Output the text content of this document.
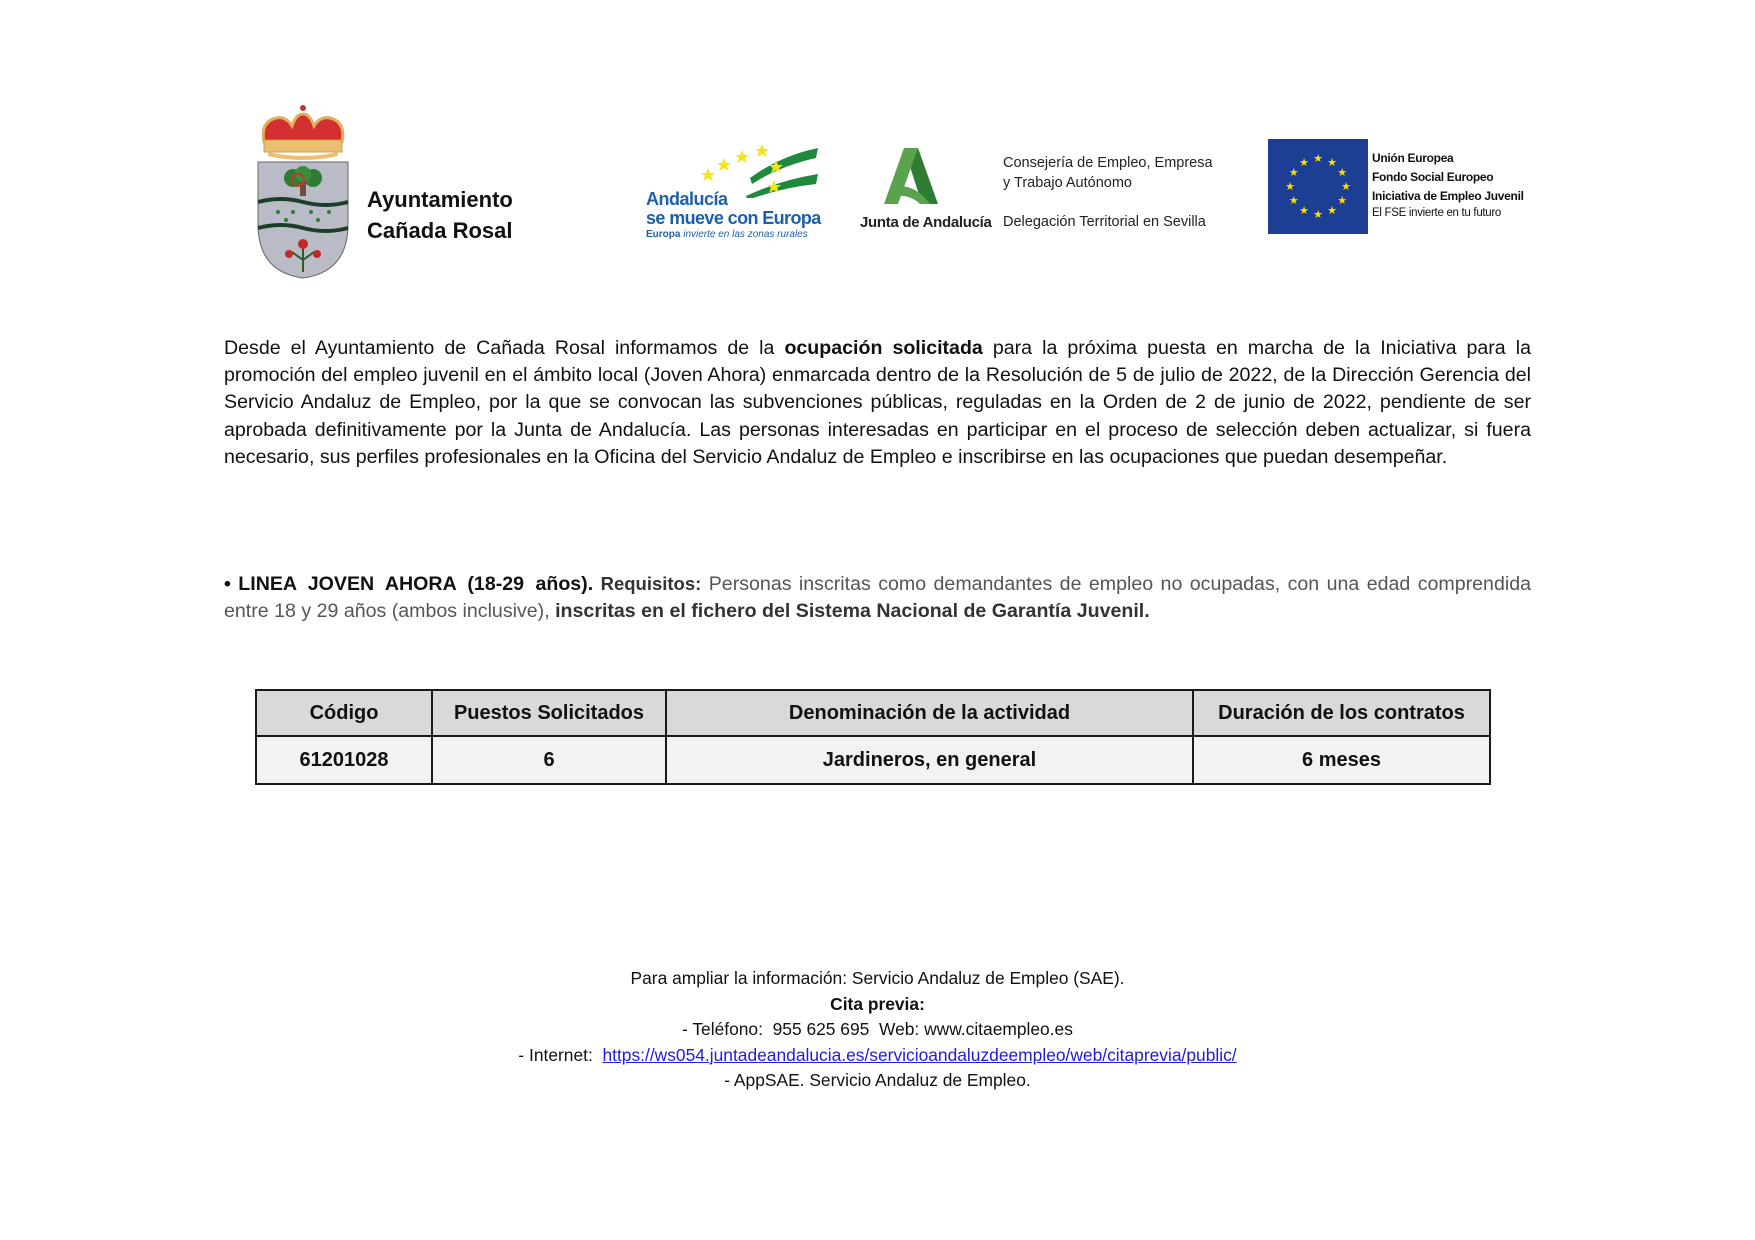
Ayuntamiento
Cañada Rosal
Andalucía
se mueve con Europa
Europa invierte en las zonas rurales
Junta de Andalucía
Consejería de Empleo, Empresa
y Trabajo Autónomo
Delegación Territorial en Sevilla
★ ★
★
★
★
★
★
★
★
★
★
★	Unión Europea
Fondo Social Europeo
Iniciativa de Empleo Juvenil
El FSE invierte en tu futuro
Desde el Ayuntamiento de Cañada Rosal informamos de la ocupación solicitada para la próxima puesta en marcha de la Iniciativa para la promoción del empleo juvenil en el ámbito local (Joven Ahora) enmarcada dentro de la Resolución de 5 de julio de 2022, de la Dirección Gerencia del Servicio Andaluz de Empleo, por la que se convocan las subvenciones públicas, reguladas en la Orden de 2 de junio de 2022, pendiente de ser aprobada definitivamente por la Junta de Andalucía. Las personas interesadas en participar en el proceso de selección deben actualizar, si fuera necesario, sus perfiles profesionales en la Oficina del Servicio Andaluz de Empleo e inscribirse en las ocupaciones que puedan desempeñar.
• LINEA JOVEN AHORA (18-29 años). Requisitos: Personas inscritas como demandantes de empleo no ocupadas, con una edad comprendida entre 18 y 29 años (ambos inclusive), inscritas en el fichero del Sistema Nacional de Garantía Juvenil.
Código	Puestos Solicitados	Denominación de la actividad	Duración de los contratos
61201028	6	Jardineros, en general	6 meses
Para ampliar la información: Servicio Andaluz de Empleo (SAE).
Cita previa:
- Teléfono:  955 625 695  Web: www.citaempleo.es
- Internet:  https://ws054.juntadeandalucia.es/servicioandaluzdeempleo/web/citaprevia/public/
- AppSAE. Servicio Andaluz de Empleo.
